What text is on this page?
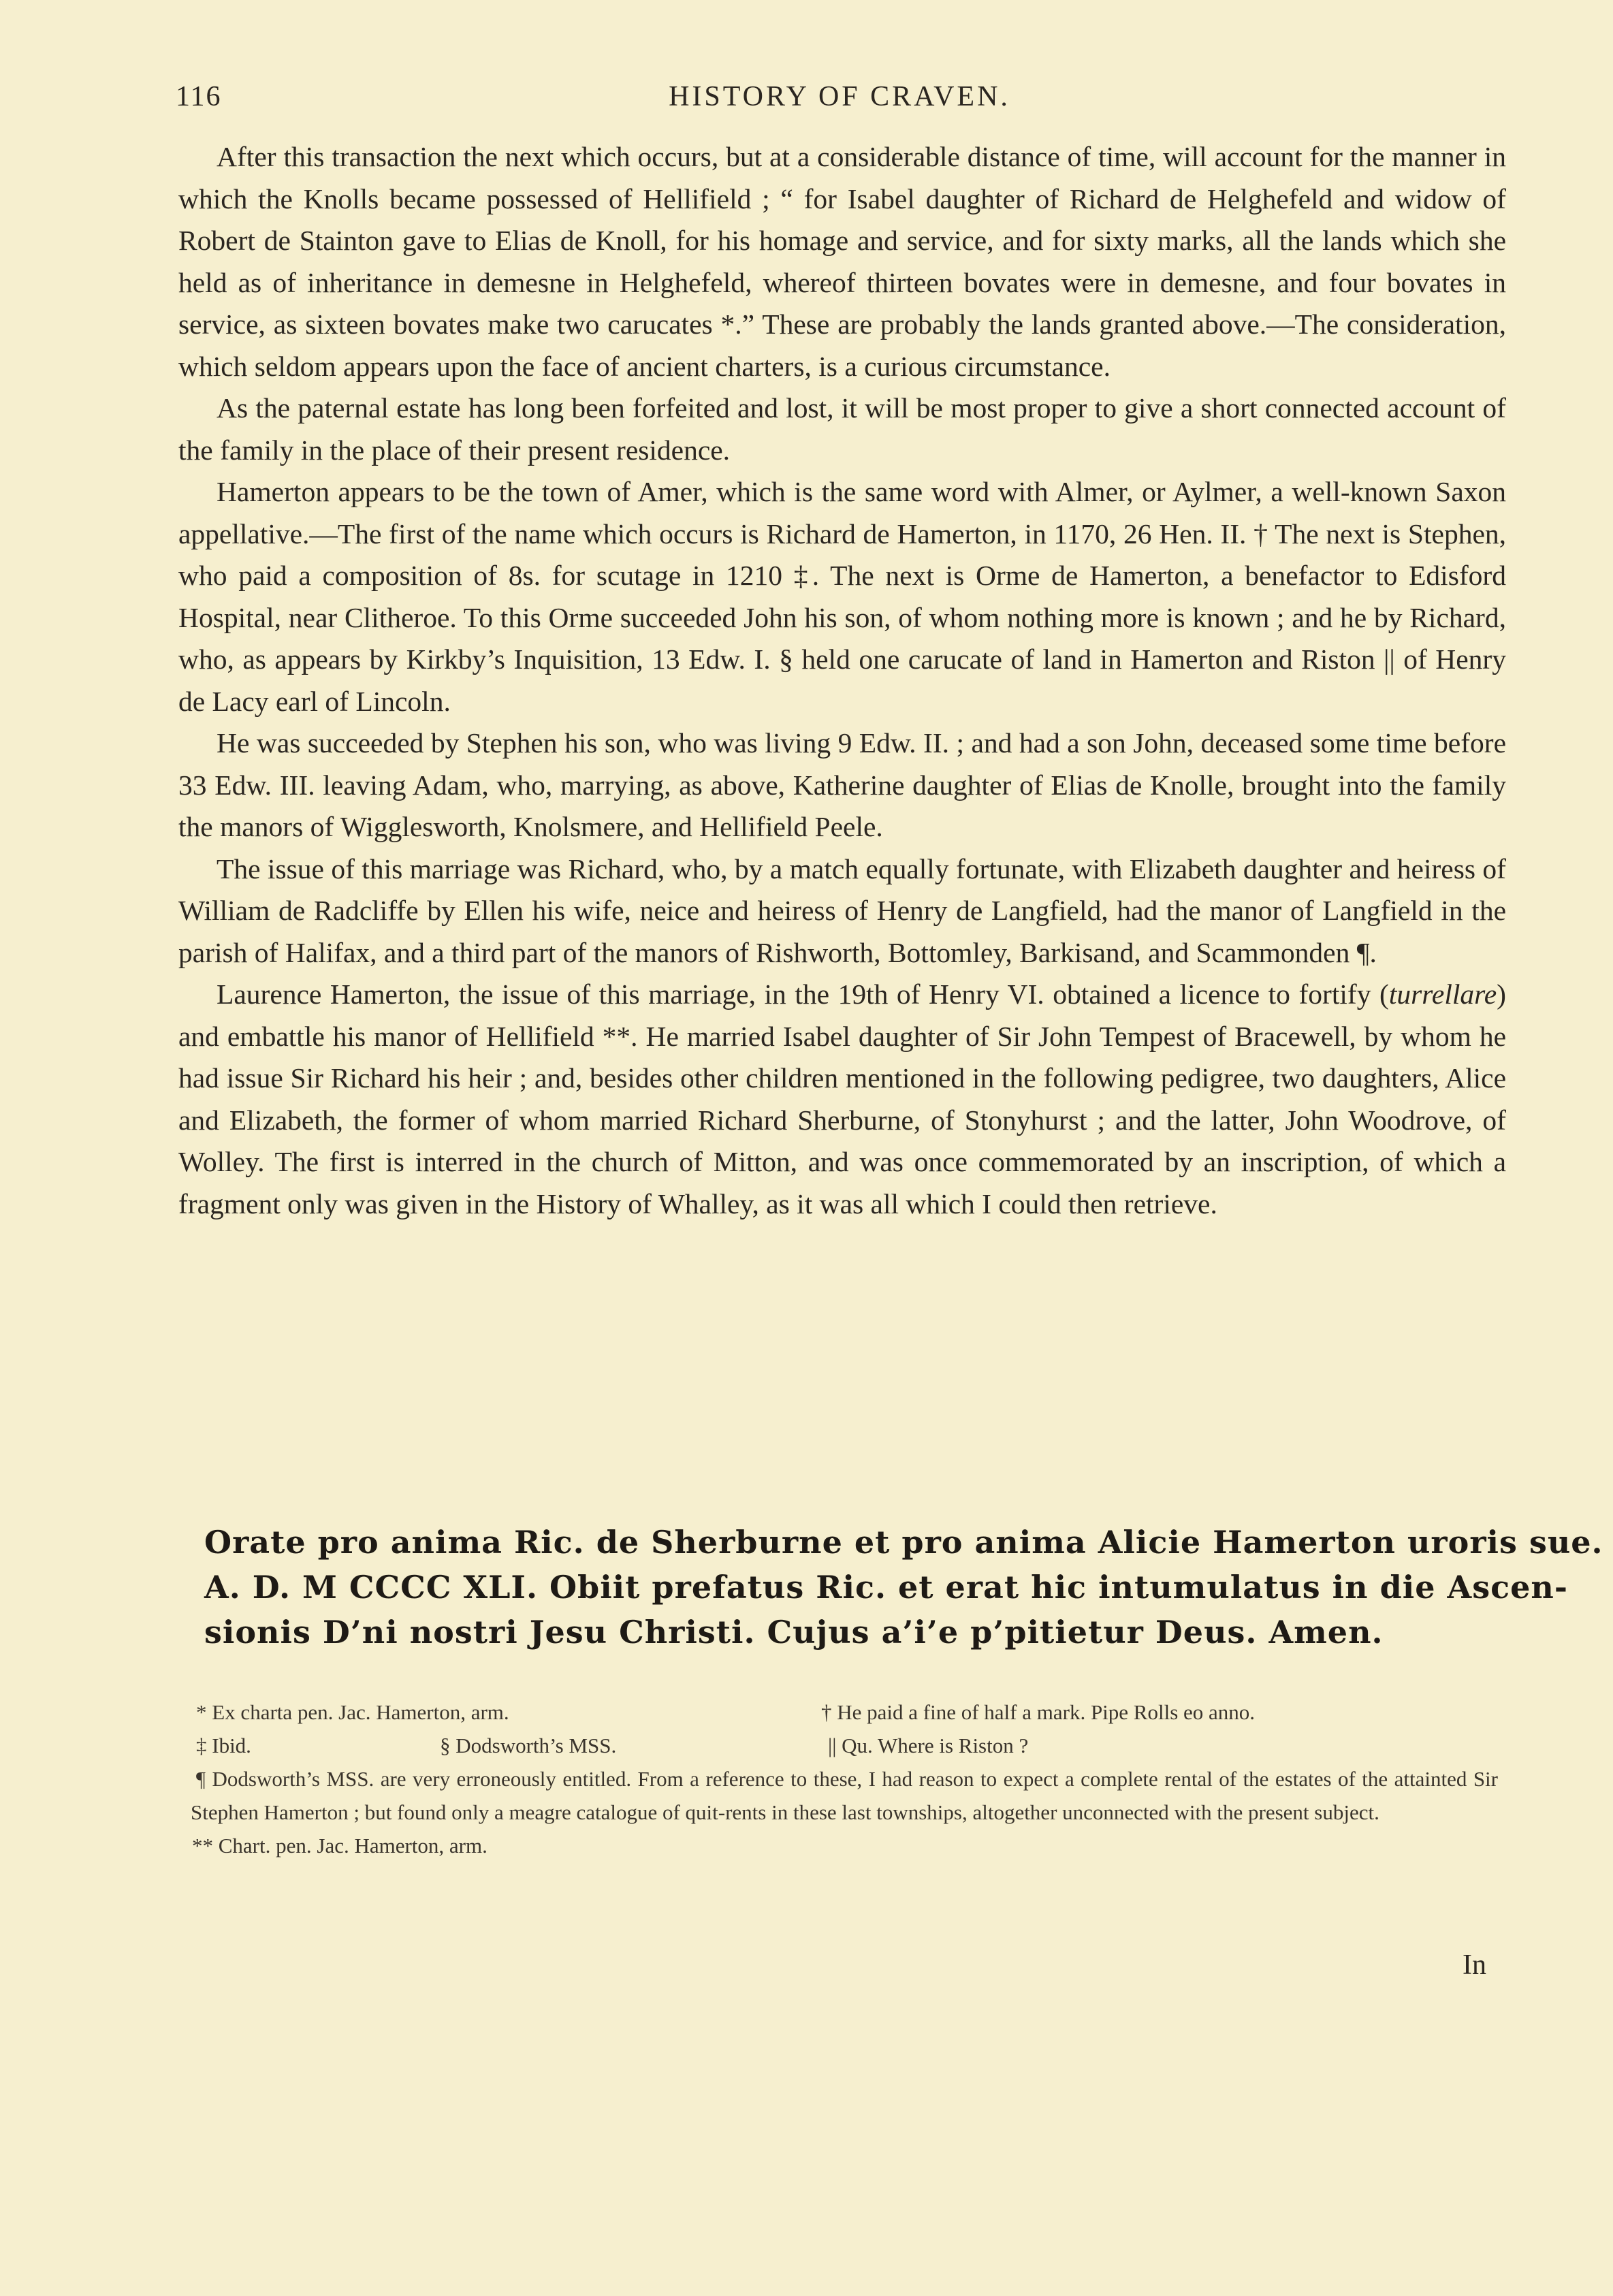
116	HISTORY OF CRAVEN.

After this transaction the next which occurs, but at a considerable distance of time, will account for the manner in which the Knolls became possessed of Hellifield ; “ for Isabel daughter of Richard de Helghefeld and widow of Robert de Stainton gave to Elias de Knoll, for his homage and service, and for sixty marks, all the lands which she held as of inheritance in demesne in Helghefeld, whereof thirteen bovates were in demesne, and four bovates in service, as sixteen bovates make two carucates *.” These are probably the lands granted above.—The consideration, which seldom appears upon the face of ancient charters, is a curious circumstance.

As the paternal estate has long been forfeited and lost, it will be most proper to give a short connected account of the family in the place of their present residence.

Hamerton appears to be the town of Amer, which is the same word with Almer, or Aylmer, a well-known Saxon appellative.—The first of the name which occurs is Richard de Hamerton, in 1170, 26 Hen. II. † The next is Stephen, who paid a composition of 8s. for scutage in 1210 ‡. The next is Orme de Hamerton, a benefactor to Edisford Hospital, near Clitheroe. To this Orme succeeded John his son, of whom nothing more is known ; and he by Richard, who, as appears by Kirkby’s Inquisition, 13 Edw. I. § held one carucate of land in Hamerton and Riston || of Henry de Lacy earl of Lincoln.

He was succeeded by Stephen his son, who was living 9 Edw. II. ; and had a son John, deceased some time before 33 Edw. III. leaving Adam, who, marrying, as above, Katherine daughter of Elias de Knolle, brought into the family the manors of Wigglesworth, Knolsmere, and Hellifield Peele.

The issue of this marriage was Richard, who, by a match equally fortunate, with Elizabeth daughter and heiress of William de Radcliffe by Ellen his wife, neice and heiress of Henry de Langfield, had the manor of Langfield in the parish of Halifax, and a third part of the manors of Rishworth, Bottomley, Barkisand, and Scammonden ¶.

Laurence Hamerton, the issue of this marriage, in the 19th of Henry VI. obtained a licence to fortify (turrellare) and embattle his manor of Hellifield **. He married Isabel daughter of Sir John Tempest of Bracewell, by whom he had issue Sir Richard his heir ; and, besides other children mentioned in the following pedigree, two daughters, Alice and Elizabeth, the former of whom married Richard Sherburne, of Stonyhurst ; and the latter, John Woodrove, of Wolley. The first is interred in the church of Mitton, and was once commemorated by an inscription, of which a fragment only was given in the History of Whalley, as it was all which I could then retrieve.

Orate pro anima Ric. de Sherburne et pro anima Alicie Hamerton uroris sue.
A. D. M CCCC XLI. Obiit prefatus Ric. et erat hic intumulatus in die Ascen-
sionis D’ni nostri Jesu Christi. Cujus a’i’e p’pitietur Deus. Amen.
* Ex charta pen. Jac. Hamerton, arm.	† He paid a fine of half a mark. Pipe Rolls eo anno.
‡ Ibid.	§ Dodsworth’s MSS.	|| Qu. Where is Riston ?
¶ Dodsworth’s MSS. are very erroneously entitled. From a reference to these, I had reason to expect a complete rental of the estates of the attainted Sir Stephen Hamerton ; but found only a meagre catalogue of quit-rents in these last townships, altogether unconnected with the present subject.
** Chart. pen. Jac. Hamerton, arm.
In
